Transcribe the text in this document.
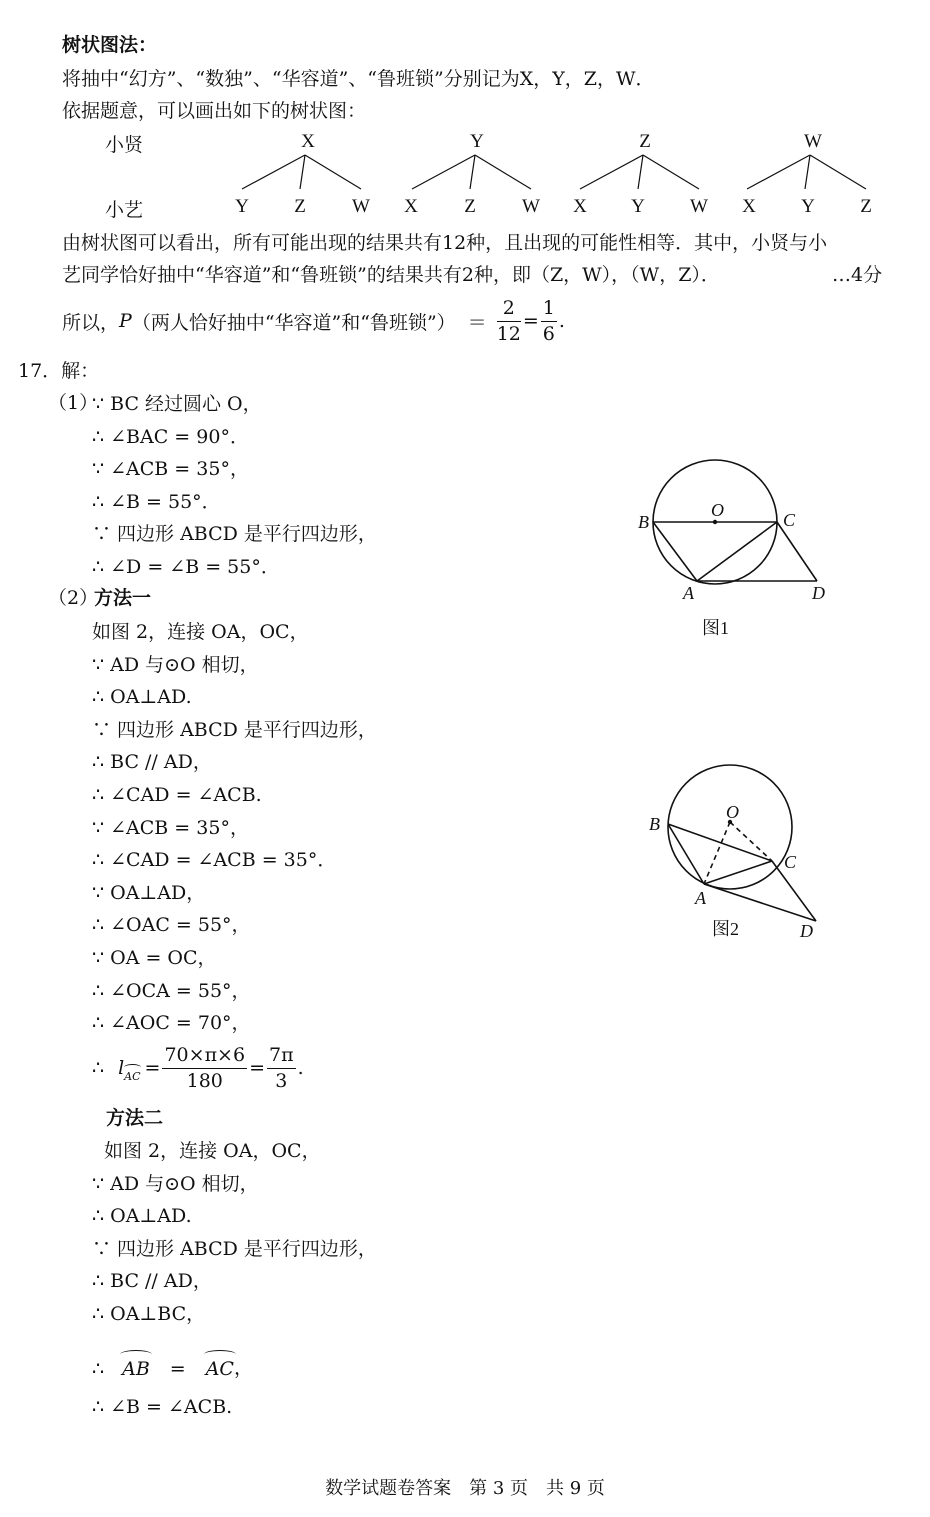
树状图法：
将抽中“幻方”、“数独”、“华容道”、“鲁班锁”分别记为X，Y，Z，W．
依据题意，可以画出如下的树状图：
小贤
小艺
X	Y	Z	W
Y Z W X Z W X Y W X Y Z
由树状图可以看出，所有可能出现的结果共有12种，且出现的可能性相等．其中，小贤与小
艺同学恰好抽中“华容道”和“鲁班锁”的结果共有2种，即（Z，W），（W，Z）．	…4分
所以， P （两人恰好抽中“华容道”和“鲁班锁”） ＝ $\frac{2}{12} = \frac{1}{6}$ .
17．解：
（1）
∵ BC 经过圆心 O，
∴ ∠BAC = 90°．
∵ ∠ACB = 35°，
∴ ∠B = 55°．
∵ 四边形 ABCD 是平行四边形，
∴ ∠D = ∠B = 55°．
（2）
方法一
如图 2，连接 OA，OC，
∵ AD 与⊙O 相切，
∴ OA⊥AD.
∵ 四边形 ABCD 是平行四边形，
∴ BC // AD，
∴ ∠CAD = ∠ACB.
∵ ∠ACB = 35°，
∴ ∠CAD = ∠ACB = 35°．
∵ OA⊥AD，
∴ ∠OAC = 55°，
∵ OA = OC，
∴ ∠OCA = 55°，
∴ ∠AOC = 70°，
∴ l AC = $\frac{70\times\pi\times 6}{180} = \frac{7\pi}{3}$ .
方法二
如图 2，连接 OA，OC，
∵ AD 与⊙O 相切，
∴ OA⊥AD.
∵ 四边形 ABCD 是平行四边形，
∴ BC // AD，
∴ OA⊥BC，
∴ AB = AC ，
∴ ∠B = ∠ACB.
B
O	C
A	D
图1
B
O
C
A
D
图2
数学试题卷答案　第 3 页　共 9 页
